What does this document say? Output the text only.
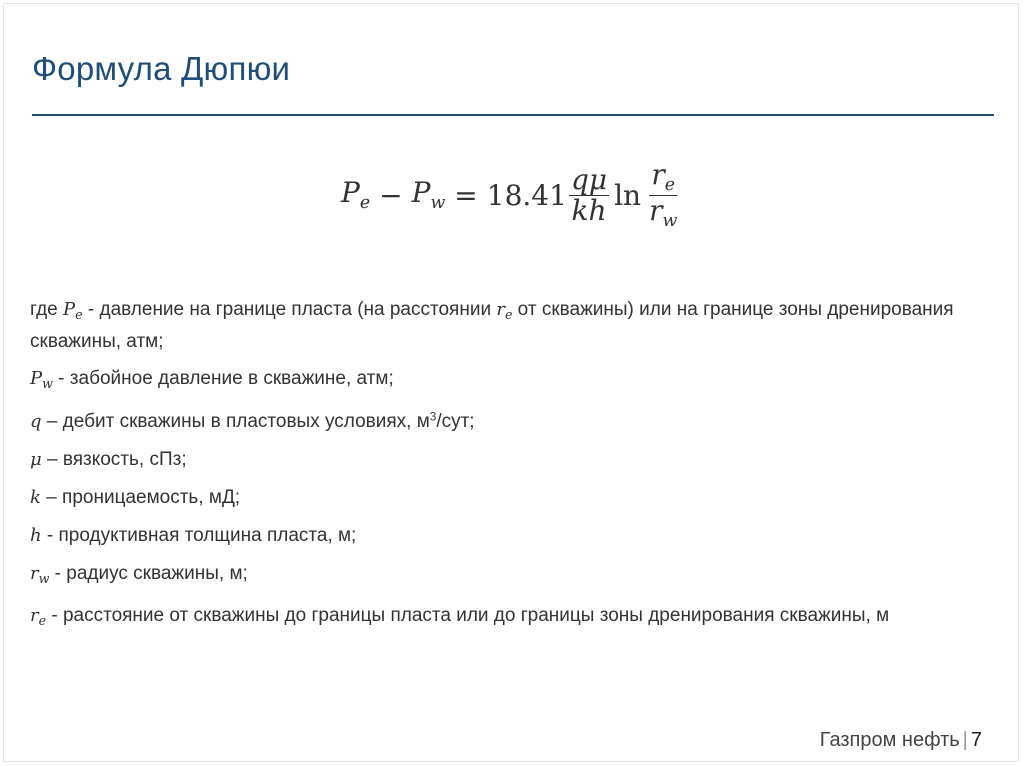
Формула Дюпюи
$P_e - P_w = 18.41 \frac{q\mu}{kh}$ $\ln \frac{r_e}{r_w}$
где $P_e$ - давление на границе пласта (на расстоянии $r_e$ от скважины) или на границе зоны дренирования скважины, атм;
$P_w$ - забойное давление в скважине, атм;
q – дебит скважины в пластовых условиях, $м^3$/сут;
μ – вязкость, сПз;
k – проницаемость, мД;
h - продуктивная толщина пласта, м;
$r_w$ - радиус скважины, м;
$r_e$ - расстояние от скважины до границы пласта или до границы зоны дренирования скважины, м
Газпром нефть | 7
